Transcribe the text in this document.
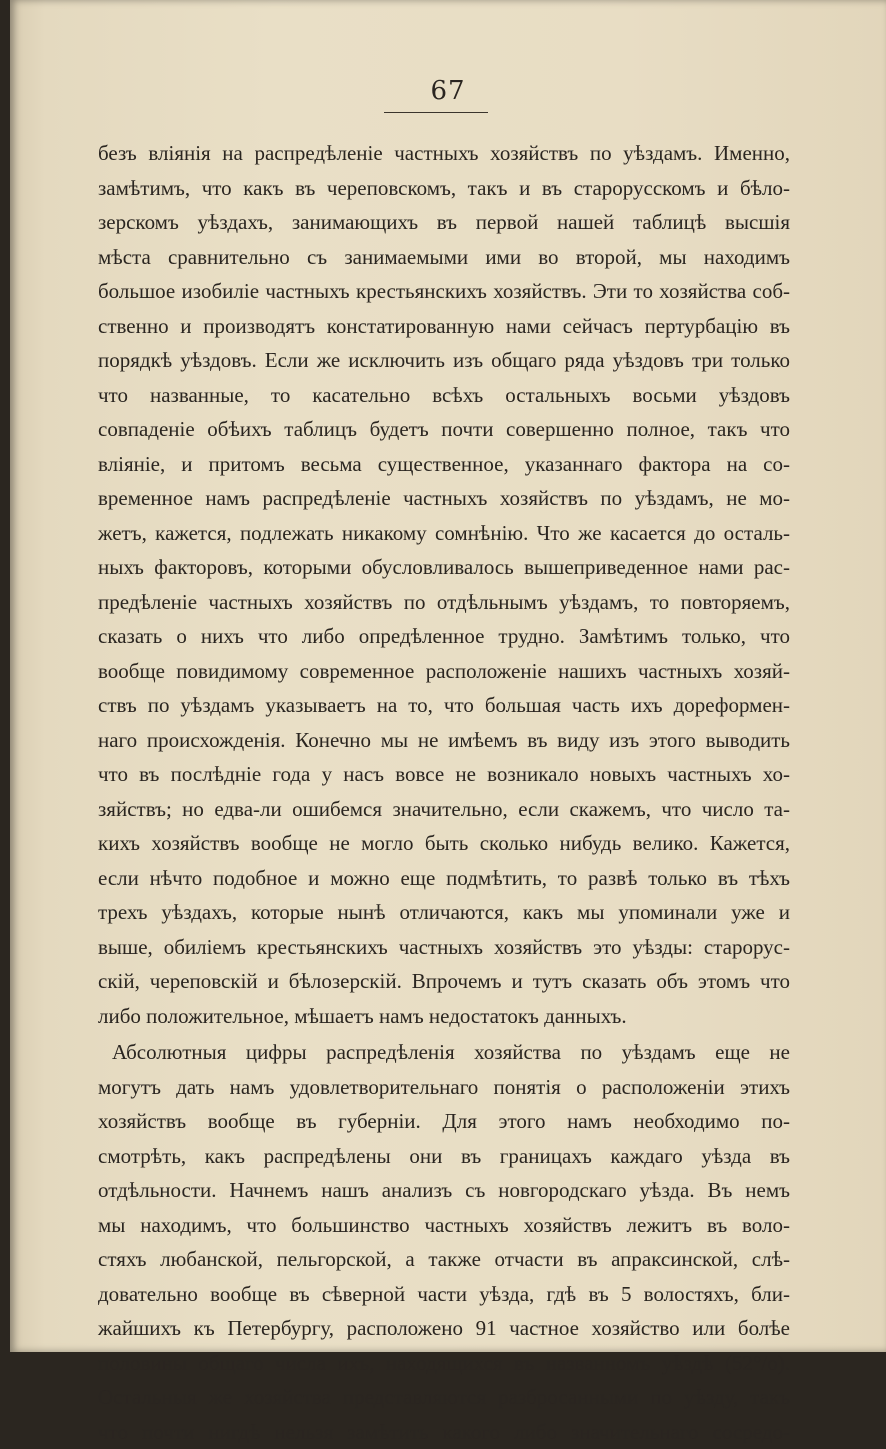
67
безъ вліянія на распредѣленіе частныхъ хозяйствъ по уѣздамъ. Именно,
замѣтимъ, что какъ въ череповскомъ, такъ и въ старорусскомъ и бѣло-
зерскомъ уѣздахъ, занимающихъ въ первой нашей таблицѣ высшія
мѣста сравнительно съ занимаемыми ими во второй, мы находимъ
большое изобиліе частныхъ крестьянскихъ хозяйствъ. Эти то хозяйства соб-
ственно и производятъ констатированную нами сейчасъ пертурбацію въ
порядкѣ уѣздовъ. Если же исключить изъ общаго ряда уѣздовъ три только
что названные, то касательно всѣхъ остальныхъ восьми уѣздовъ
совпаденіе обѣихъ таблицъ будетъ почти совершенно полное, такъ что
вліяніе, и притомъ весьма существенное, указаннаго фактора на со-
временное намъ распредѣленіе частныхъ хозяйствъ по уѣздамъ, не мо-
жетъ, кажется, подлежать никакому сомнѣнію. Что же касается до осталь-
ныхъ факторовъ, которыми обусловливалось вышеприведенное нами рас-
предѣленіе частныхъ хозяйствъ по отдѣльнымъ уѣздамъ, то повторяемъ,
сказать о нихъ что либо опредѣленное трудно. Замѣтимъ только, что
вообще повидимому современное расположеніе нашихъ частныхъ хозяй-
ствъ по уѣздамъ указываетъ на то, что большая часть ихъ дореформен-
наго происхожденія. Конечно мы не имѣемъ въ виду изъ этого выводить
что въ послѣдніе года у насъ вовсе не возникало новыхъ частныхъ хо-
зяйствъ; но едва-ли ошибемся значительно, если скажемъ, что число та-
кихъ хозяйствъ вообще не могло быть сколько нибудь велико. Кажется,
если нѣчто подобное и можно еще подмѣтить, то развѣ только въ тѣхъ
трехъ уѣздахъ, которые нынѣ отличаются, какъ мы упоминали уже и
выше, обиліемъ крестьянскихъ частныхъ хозяйствъ это уѣзды: старорус-
скій, череповскій и бѣлозерскій. Впрочемъ и тутъ сказать объ этомъ что
либо положительное, мѣшаетъ намъ недостатокъ данныхъ.
Абсолютныя цифры распредѣленія хозяйства по уѣздамъ еще не
могутъ дать намъ удовлетворительнаго понятія о расположеніи этихъ
хозяйствъ вообще въ губерніи. Для этого намъ необходимо по-
смотрѣть, какъ распредѣлены они въ границахъ каждаго уѣзда въ
отдѣльности. Начнемъ нашъ анализъ съ новгородскаго уѣзда. Въ немъ
мы находимъ, что большинство частныхъ хозяйствъ лежитъ въ воло-
стяхъ любанской, пельгорской, а также отчасти въ апраксинской, слѣ-
довательно вообще въ сѣверной части уѣзда, гдѣ въ 5 волостяхъ, бли-
жайшихъ къ Петербургу, расположено 91 частное хозяйство или болѣе
половины общаго числа ихъ, находящихся въ названномъ уѣздѣ (52°/о).
Остальныя же хозяйства представляются разбросанными по уѣзду, такъ
что почти нигдѣ нельзя замѣтить какого либо значительнаго сосредо-
